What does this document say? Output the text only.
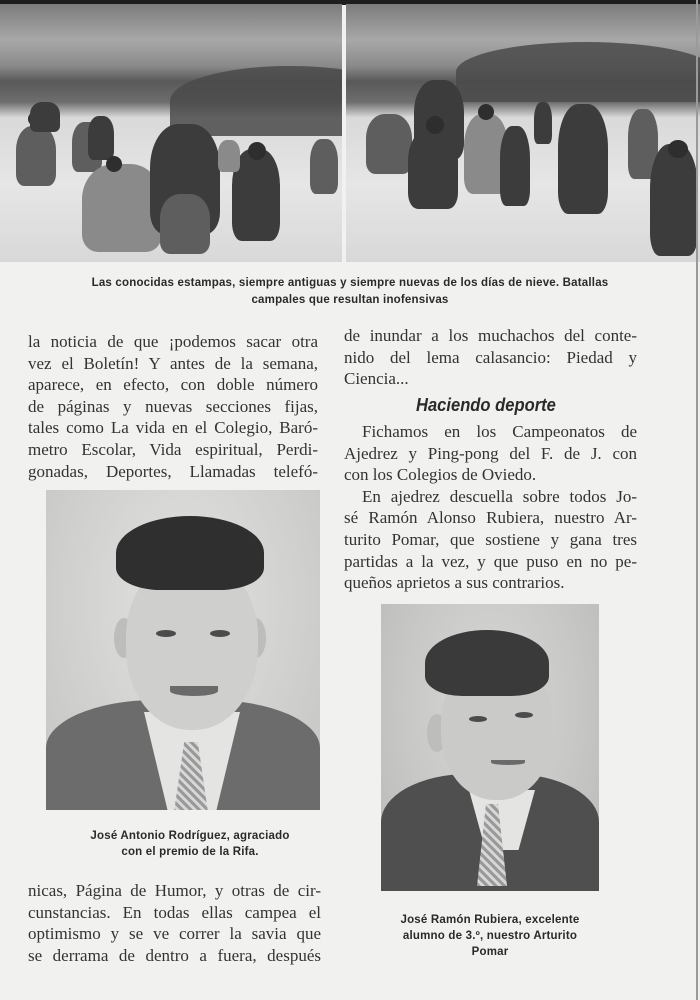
Las conocidas estampas, siempre antiguas y siempre nuevas de los días de nieve. Batallas
campales que resultan inofensivas
la noticia de que ¡podemos sacar otra
vez el Boletín! Y antes de la semana,
aparece, en efecto, con doble número
de páginas y nuevas secciones fijas,
tales como La vida en el Colegio, Baró-
metro Escolar, Vida espiritual, Perdi-
gonadas, Deportes, Llamadas telefó-
de inundar a los muchachos del conte-
nido del lema calasancio: Piedad y
Ciencia...
Haciendo deporte
Fichamos en los Campeonatos de
Ajedrez y Ping-pong del F. de J. con
con los Colegios de Oviedo.
En ajedrez descuella sobre todos Jo-
sé Ramón Alonso Rubiera, nuestro Ar-
turito Pomar, que sostiene y gana tres
partidas a la vez, y que puso en no pe-
queños aprietos a sus contrarios.
José Antonio Rodríguez, agraciado
con el premio de la Rifa.
José Ramón Rubiera, excelente
alumno de 3.º, nuestro Arturito
Pomar
nicas, Página de Humor, y otras de cir-
cunstancias. En todas ellas campea el
optimismo y se ve correr la savia que
se derrama de dentro a fuera, después
